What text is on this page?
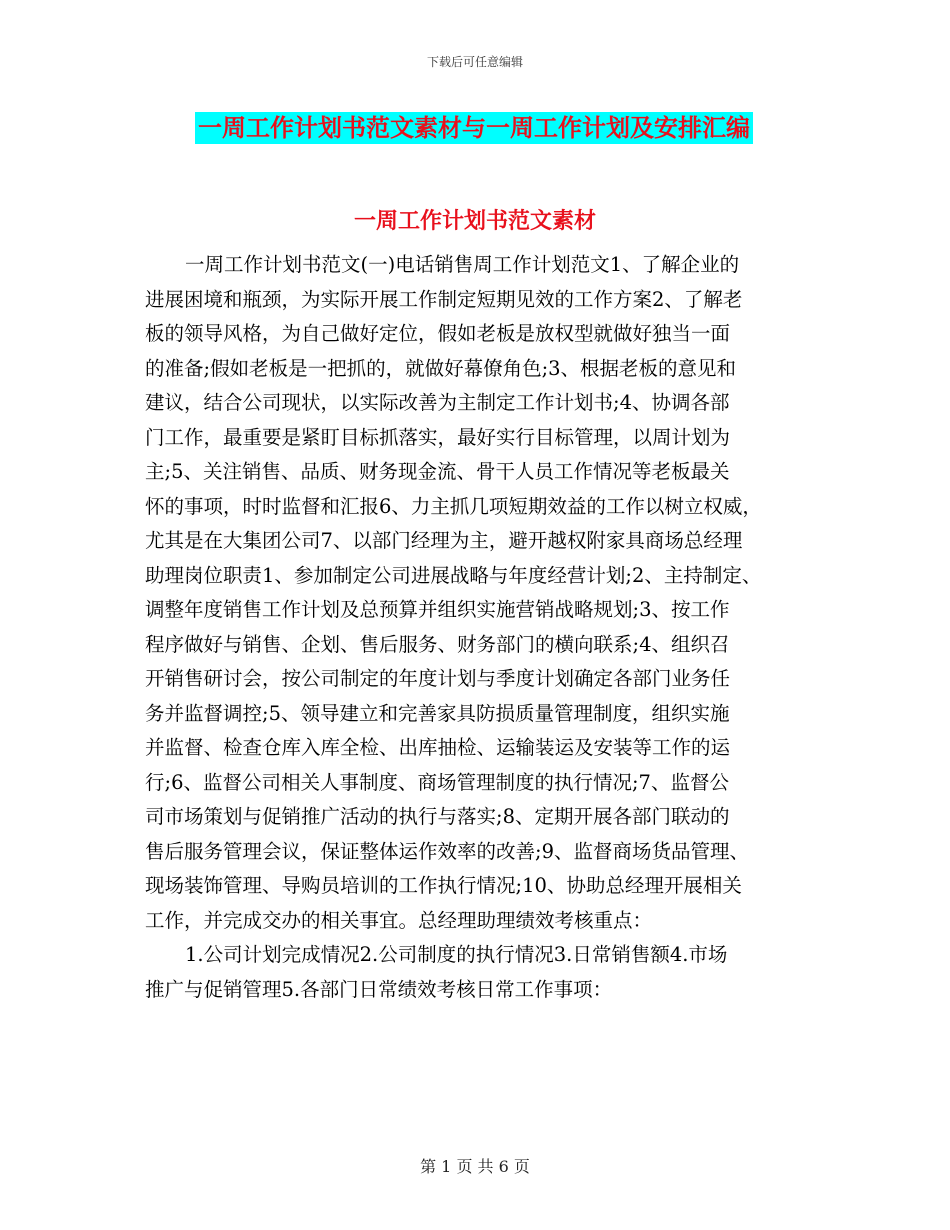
下载后可任意编辑
一周工作计划书范文素材与一周工作计划及安排汇编
一周工作计划书范文素材
一周工作计划书范文(一)电话销售周工作计划范文1、了解企业的
进展困境和瓶颈，为实际开展工作制定短期见效的工作方案2、了解老
板的领导风格，为自己做好定位，假如老板是放权型就做好独当一面
的准备;假如老板是一把抓的，就做好幕僚角色;3、根据老板的意见和
建议，结合公司现状，以实际改善为主制定工作计划书;4、协调各部
门工作，最重要是紧盯目标抓落实，最好实行目标管理，以周计划为
主;5、关注销售、品质、财务现金流、骨干人员工作情况等老板最关
怀的事项，时时监督和汇报6、力主抓几项短期效益的工作以树立权威，
尤其是在大集团公司7、以部门经理为主，避开越权附家具商场总经理
助理岗位职责1、参加制定公司进展战略与年度经营计划;2、主持制定、
调整年度销售工作计划及总预算并组织实施营销战略规划;3、按工作
程序做好与销售、企划、售后服务、财务部门的横向联系;4、组织召
开销售研讨会，按公司制定的年度计划与季度计划确定各部门业务任
务并监督调控;5、领导建立和完善家具防损质量管理制度，组织实施
并监督、检查仓库入库全检、出库抽检、运输装运及安装等工作的运
行;6、监督公司相关人事制度、商场管理制度的执行情况;7、监督公
司市场策划与促销推广活动的执行与落实;8、定期开展各部门联动的
售后服务管理会议，保证整体运作效率的改善;9、监督商场货品管理、
现场装饰管理、导购员培训的工作执行情况;10、协助总经理开展相关
工作，并完成交办的相关事宜。总经理助理绩效考核重点：
1.公司计划完成情况2.公司制度的执行情况3.日常销售额4.市场
推广与促销管理5.各部门日常绩效考核日常工作事项：
第 1 页 共 6 页
